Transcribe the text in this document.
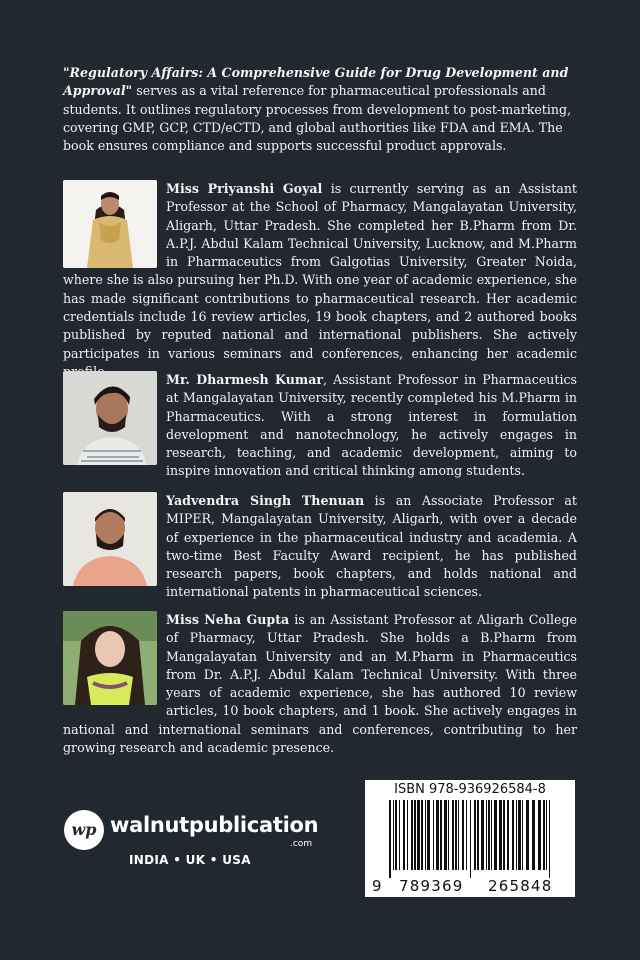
"Regulatory Affairs: A Comprehensive Guide for Drug Development and Approval" serves as a vital reference for pharmaceutical professionals and students. It outlines regulatory processes from development to post-marketing, covering GMP, GCP, CTD/eCTD, and global authorities like FDA and EMA. The book ensures compliance and supports successful product approvals.
Miss Priyanshi Goyal is currently serving as an Assistant Professor at the School of Pharmacy, Mangalayatan University, Aligarh, Uttar Pradesh. She completed her B.Pharm from Dr. A.P.J. Abdul Kalam Technical University, Lucknow, and M.Pharm in Pharmaceutics from Galgotias University, Greater Noida, where she is also pursuing her Ph.D. With one year of academic experience, she has made significant contributions to pharmaceutical research. Her academic credentials include 16 review articles, 19 book chapters, and 2 authored books published by reputed national and international publishers. She actively participates in various seminars and conferences, enhancing her academic
Mr. Dharmesh Kumar, Assistant Professor in Pharmaceutics at Mangalayatan University, recently completed his M.Pharm in Pharmaceutics. With a strong interest in formulation development and nanotechnology, he actively engages in research, teaching, and academic development, aiming to inspire innovation and critical thinking among students.
Yadvendra Singh Thenuan is an Associate Professor at MIPER, Mangalayatan University, Aligarh, with over a decade of experience in the pharmaceutical industry and academia. A two-time Best Faculty Award recipient, he has published research papers, book chapters, and holds national and international patents in pharmaceutical sciences.
Miss Neha Gupta is an Assistant Professor at Aligarh College of Pharmacy, Uttar Pradesh. She holds a B.Pharm from Mangalayatan University and an M.Pharm in Pharmaceutics from Dr. A.P.J. Abdul Kalam Technical University. With three years of academic experience, she has authored 10 review articles, 10 book chapters, and 1 book. She actively engages in national and international seminars and conferences, contributing to her growing research and academic presence.
wp walnutpublication
.com
INDIA • UK • USA
ISBN 978-936926584-8
9 789369 265848
